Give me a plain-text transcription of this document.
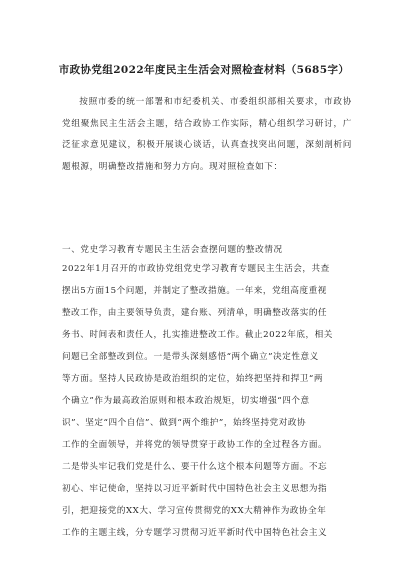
市政协党组2022年度民主生活会对照检查材料（5685字）
按照市委的统一部署和市纪委机关、市委组织部相关要求，市政协党组聚焦民主生活会主题，结合政协工作实际，精心组织学习研讨，广泛征求意见建议，积极开展谈心谈话，认真查找突出问题，深刻剖析问题根源，明确整改措施和努力方向。现对照检查如下：
一、党史学习教育专题民主生活会查摆问题的整改情况
2022年1月召开的市政协党组党史学习教育专题民主生活会，共查
摆出5方面15个问题，并制定了整改措施。一年来，党组高度重视
整改工作，由主要领导负责，建台账、列清单，明确整改落实的任
务书、时间表和责任人，扎实推进整改工作。截止2022年底，相关
问题已全部整改到位。一是带头深刻感悟“两个确立”决定性意义
等方面。坚持人民政协是政治组织的定位，始终把坚持和捍卫“两
个确立”作为最高政治原则和根本政治规矩，切实增强“四个意
识”、坚定“四个自信”、做到“两个维护”，始终坚持党对政协
工作的全面领导，并将党的领导贯穿于政协工作的全过程各方面。
二是带头牢记我们党是什么、要干什么这个根本问题等方面。不忘
初心、牢记使命，坚持以习近平新时代中国特色社会主义思想为指
引，把迎接党的XX大、学习宣传贯彻党的XX大精神作为政协全年
工作的主题主线，分专题学习贯彻习近平新时代中国特色社会主义
